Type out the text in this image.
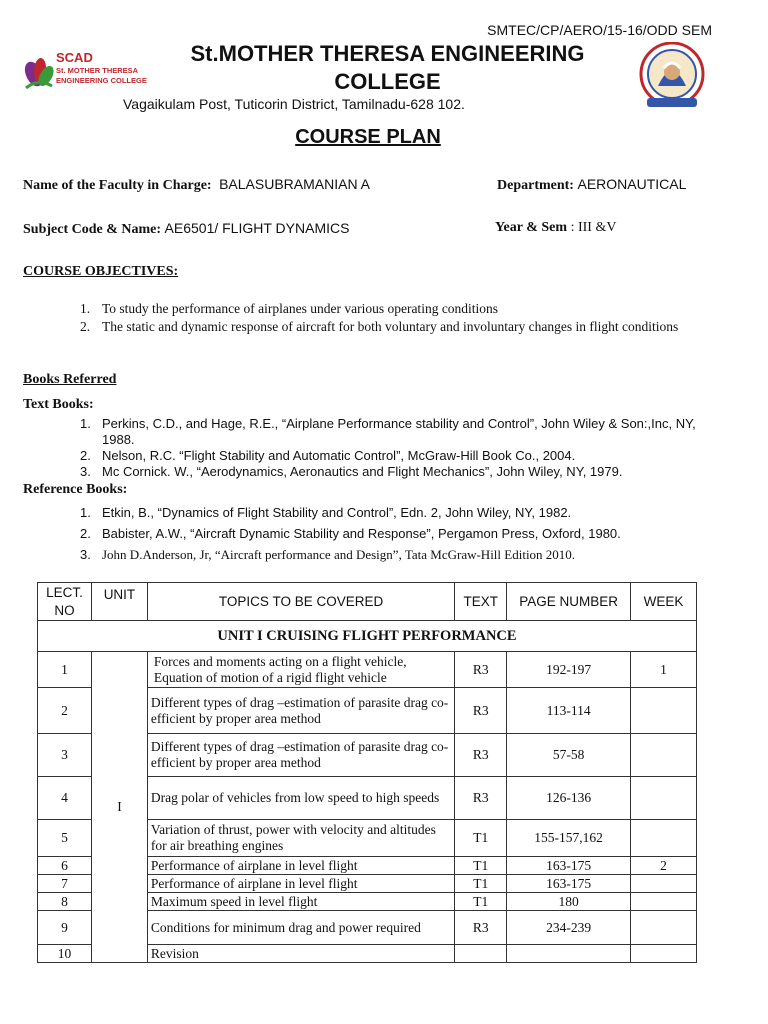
SMTEC/CP/AERO/15-16/ODD SEM
SCAD
St. MOTHER THERESA
ENGINEERING COLLEGE
St.MOTHER THERESA ENGINEERING COLLEGE
Vagaikulam Post, Tuticorin District, Tamilnadu-628 102.
COURSE PLAN
Name of the Faculty in Charge: BALASUBRAMANIAN A	Department: AERONAUTICAL
Subject Code & Name: AE6501/ FLIGHT DYNAMICS	Year & Sem : III &V
COURSE OBJECTIVES:
1. To study the performance of airplanes under various operating conditions
2. The static and dynamic response of aircraft for both voluntary and involuntary changes in flight conditions
Books Referred
Text Books:
1. Perkins, C.D., and Hage, R.E., “Airplane Performance stability and Control”, John Wiley & Son:,Inc, NY, 1988.
2. Nelson, R.C. “Flight Stability and Automatic Control”, McGraw-Hill Book Co., 2004.
3. Mc Cornick. W., “Aerodynamics, Aeronautics and Flight Mechanics”, John Wiley, NY, 1979.
Reference Books:
1. Etkin, B., “Dynamics of Flight Stability and Control”, Edn. 2, John Wiley, NY, 1982.
2. Babister, A.W., “Aircraft Dynamic Stability and Response”, Pergamon Press, Oxford, 1980.
3. John D.Anderson, Jr, “Aircraft performance and Design”, Tata McGraw-Hill Edition 2010.
LECT. NO	UNIT	TOPICS TO BE COVERED	TEXT	PAGE NUMBER	WEEK
UNIT I CRUISING FLIGHT PERFORMANCE					
1	I	Forces and moments acting on a flight vehicle, Equation of motion of a rigid flight vehicle	R3	192-197	1
2		Different types of drag –estimation of parasite drag co-efficient by proper area method	R3	113-114	
3		Different types of drag –estimation of parasite drag co-efficient by proper area method	R3	57-58	
4		Drag polar of vehicles from low speed to high speeds	R3	126-136	
5		Variation of thrust, power with velocity and altitudes for air breathing engines	T1	155-157,162	
6		Performance of airplane in level flight	T1	163-175	2
7		Performance of airplane in level flight	T1	163-175	
8		Maximum speed in level flight	T1	180	
9		Conditions for minimum drag and power required	R3	234-239	
10		Revision			
